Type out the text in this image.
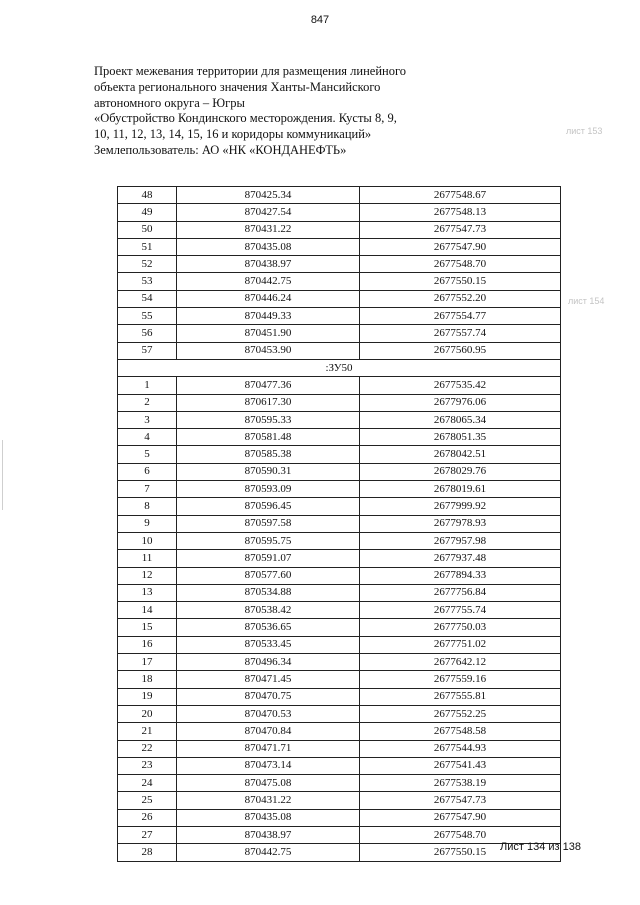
847
Проект межевания территории для размещения линейного
объекта регионального значения Ханты-Мансийского
автономного округа – Югры
«Обустройство Кондинского месторождения. Кусты 8, 9,
10, 11, 12, 13, 14, 15, 16 и коридоры коммуникаций»
Землепользователь: АО «НК «КОНДАНЕФТЬ»
лист 153
лист 154
48	870425.34	2677548.67
49	870427.54	2677548.13
50	870431.22	2677547.73
51	870435.08	2677547.90
52	870438.97	2677548.70
53	870442.75	2677550.15
54	870446.24	2677552.20
55	870449.33	2677554.77
56	870451.90	2677557.74
57	870453.90	2677560.95
:ЗУ50		
1	870477.36	2677535.42
2	870617.30	2677976.06
3	870595.33	2678065.34
4	870581.48	2678051.35
5	870585.38	2678042.51
6	870590.31	2678029.76
7	870593.09	2678019.61
8	870596.45	2677999.92
9	870597.58	2677978.93
10	870595.75	2677957.98
11	870591.07	2677937.48
12	870577.60	2677894.33
13	870534.88	2677756.84
14	870538.42	2677755.74
15	870536.65	2677750.03
16	870533.45	2677751.02
17	870496.34	2677642.12
18	870471.45	2677559.16
19	870470.75	2677555.81
20	870470.53	2677552.25
21	870470.84	2677548.58
22	870471.71	2677544.93
23	870473.14	2677541.43
24	870475.08	2677538.19
25	870431.22	2677547.73
26	870435.08	2677547.90
27	870438.97	2677548.70
28	870442.75	2677550.15 Лист 134 из 138
